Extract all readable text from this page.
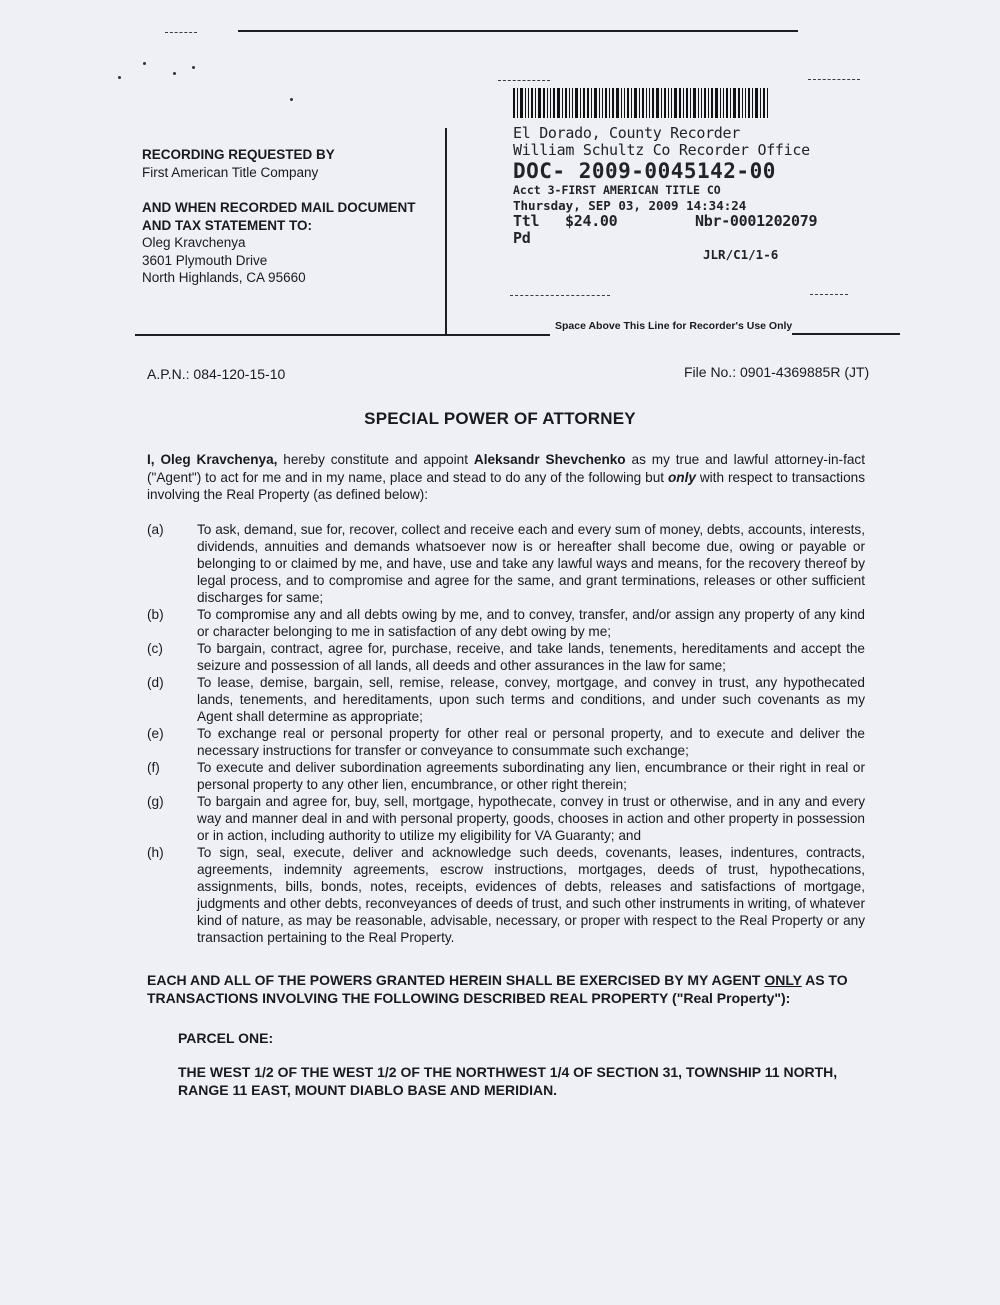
RECORDING REQUESTED BY
First American Title Company
AND WHEN RECORDED MAIL DOCUMENT
AND TAX STATEMENT TO:
Oleg Kravchenya
3601 Plymouth Drive
North Highlands, CA 95660
El Dorado, County Recorder
William Schultz Co Recorder Office
DOC- 2009-0045142-00
Acct 3-FIRST AMERICAN TITLE CO
Thursday, SEP 03, 2009 14:34:24
Ttl Pd
$24.00	Nbr-0001202079
JLR/C1/1-6
Space Above This Line for Recorder's Use Only
A.P.N.: 084-120-15-10	File No.: 0901-4369885R (JT)
SPECIAL POWER OF ATTORNEY
I, Oleg Kravchenya, hereby constitute and appoint Aleksandr Shevchenko as my true and lawful attorney-in-fact ("Agent") to act for me and in my name, place and stead to do any of the following but only with respect to transactions involving the Real Property (as defined below):
(a)	To ask, demand, sue for, recover, collect and receive each and every sum of money, debts, accounts, interests, dividends, annuities and demands whatsoever now is or hereafter shall become due, owing or payable or belonging to or claimed by me, and have, use and take any lawful ways and means, for the recovery thereof by legal process, and to compromise and agree for the same, and grant terminations, releases or other sufficient discharges for same;
(b)	To compromise any and all debts owing by me, and to convey, transfer, and/or assign any property of any kind or character belonging to me in satisfaction of any debt owing by me;
(c)	To bargain, contract, agree for, purchase, receive, and take lands, tenements, hereditaments and accept the seizure and possession of all lands, all deeds and other assurances in the law for same;
(d)	To lease, demise, bargain, sell, remise, release, convey, mortgage, and convey in trust, any hypothecated lands, tenements, and hereditaments, upon such terms and conditions, and under such covenants as my Agent shall determine as appropriate;
(e)	To exchange real or personal property for other real or personal property, and to execute and deliver the necessary instructions for transfer or conveyance to consummate such exchange;
(f)	To execute and deliver subordination agreements subordinating any lien, encumbrance or their right in real or personal property to any other lien, encumbrance, or other right therein;
(g)	To bargain and agree for, buy, sell, mortgage, hypothecate, convey in trust or otherwise, and in any and every way and manner deal in and with personal property, goods, chooses in action and other property in possession or in action, including authority to utilize my eligibility for VA Guaranty; and
(h)	To sign, seal, execute, deliver and acknowledge such deeds, covenants, leases, indentures, contracts, agreements, indemnity agreements, escrow instructions, mortgages, deeds of trust, hypothecations, assignments, bills, bonds, notes, receipts, evidences of debts, releases and satisfactions of mortgage, judgments and other debts, reconveyances of deeds of trust, and such other instruments in writing, of whatever kind of nature, as may be reasonable, advisable, necessary, or proper with respect to the Real Property or any transaction pertaining to the Real Property.
EACH AND ALL OF THE POWERS GRANTED HEREIN SHALL BE EXERCISED BY MY AGENT ONLY AS TO TRANSACTIONS INVOLVING THE FOLLOWING DESCRIBED REAL PROPERTY ("Real Property"):
PARCEL ONE:
THE WEST 1/2 OF THE WEST 1/2 OF THE NORTHWEST 1/4 OF SECTION 31, TOWNSHIP 11 NORTH, RANGE 11 EAST, MOUNT DIABLO BASE AND MERIDIAN.
